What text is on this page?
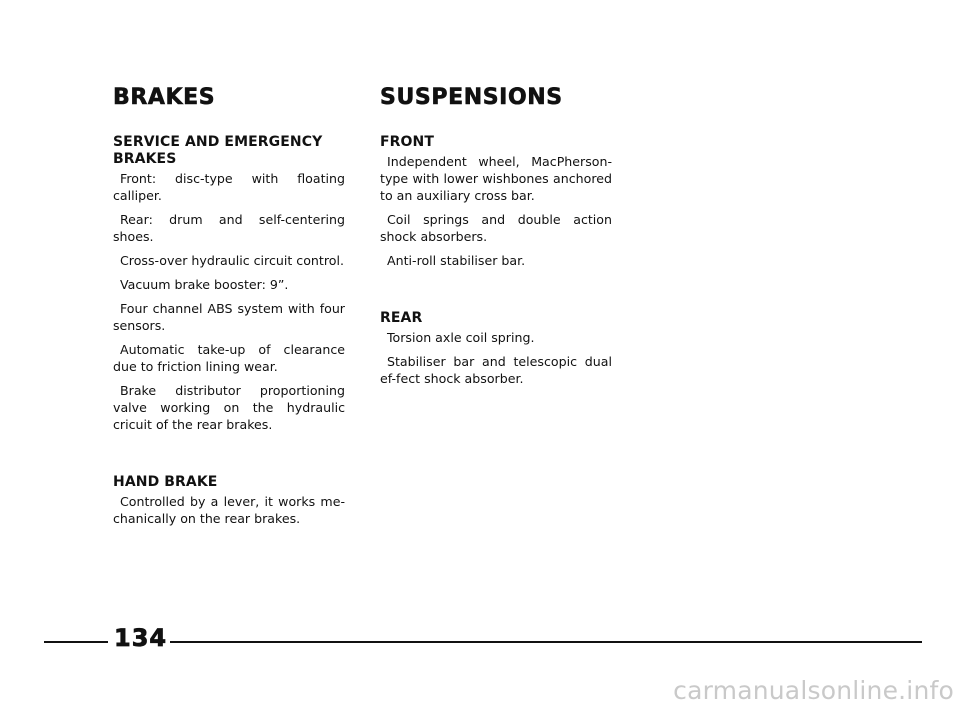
BRAKES
SERVICE AND EMERGENCY BRAKES
Front: disc-type with floating calliper.
Rear: drum and self-centering shoes.
Cross-over hydraulic circuit control.
Vacuum brake booster: 9”.
Four channel ABS system with four sensors.
Automatic take-up of clearance due to friction lining wear.
Brake distributor proportioning valve working on the hydraulic cricuit of the rear brakes.
HAND BRAKE
Controlled by a lever, it works me-chanically on the rear brakes.
SUSPENSIONS
FRONT
Independent wheel, MacPherson-type with lower wishbones anchored to an auxiliary cross bar.
Coil springs and double action shock absorbers.
Anti-roll stabiliser bar.
REAR
Torsion axle coil spring.
Stabiliser bar and telescopic dual ef-fect shock absorber.
134
carmanualsonline.info
